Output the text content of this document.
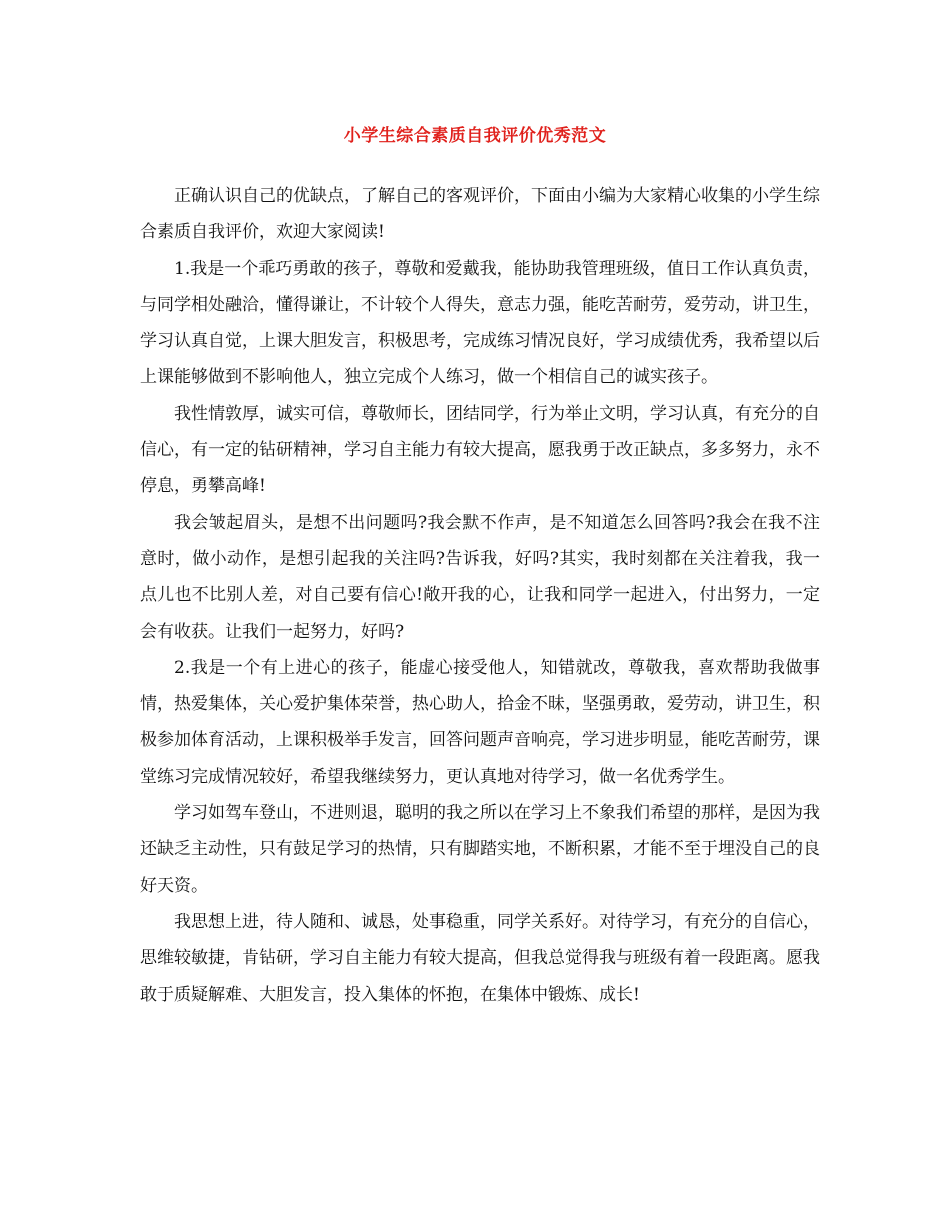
小学生综合素质自我评价优秀范文

正确认识自己的优缺点，了解自己的客观评价，下面由小编为大家精心收集的小学生综合素质自我评价，欢迎大家阅读!

1.我是一个乖巧勇敢的孩子，尊敬和爱戴我，能协助我管理班级，值日工作认真负责，与同学相处融洽，懂得谦让，不计较个人得失，意志力强，能吃苦耐劳，爱劳动，讲卫生，学习认真自觉，上课大胆发言，积极思考，完成练习情况良好，学习成绩优秀，我希望以后上课能够做到不影响他人，独立完成个人练习，做一个相信自己的诚实孩子。

我性情敦厚，诚实可信，尊敬师长，团结同学，行为举止文明，学习认真，有充分的自信心，有一定的钻研精神，学习自主能力有较大提高，愿我勇于改正缺点，多多努力，永不停息，勇攀高峰!

我会皱起眉头，是想不出问题吗?我会默不作声，是不知道怎么回答吗?我会在我不注意时，做小动作，是想引起我的关注吗?告诉我，好吗?其实，我时刻都在关注着我，我一点儿也不比别人差，对自己要有信心!敞开我的心，让我和同学一起进入，付出努力，一定会有收获。让我们一起努力，好吗?

2.我是一个有上进心的孩子，能虚心接受他人，知错就改，尊敬我，喜欢帮助我做事情，热爱集体，关心爱护集体荣誉，热心助人，拾金不昧，坚强勇敢，爱劳动，讲卫生，积极参加体育活动，上课积极举手发言，回答问题声音响亮，学习进步明显，能吃苦耐劳，课堂练习完成情况较好，希望我继续努力，更认真地对待学习，做一名优秀学生。

学习如驾车登山，不进则退，聪明的我之所以在学习上不象我们希望的那样，是因为我还缺乏主动性，只有鼓足学习的热情，只有脚踏实地，不断积累，才能不至于埋没自己的良好天资。

我思想上进，待人随和、诚恳，处事稳重，同学关系好。对待学习，有充分的自信心，思维较敏捷，肯钻研，学习自主能力有较大提高，但我总觉得我与班级有着一段距离。愿我敢于质疑解难、大胆发言，投入集体的怀抱，在集体中锻炼、成长!
